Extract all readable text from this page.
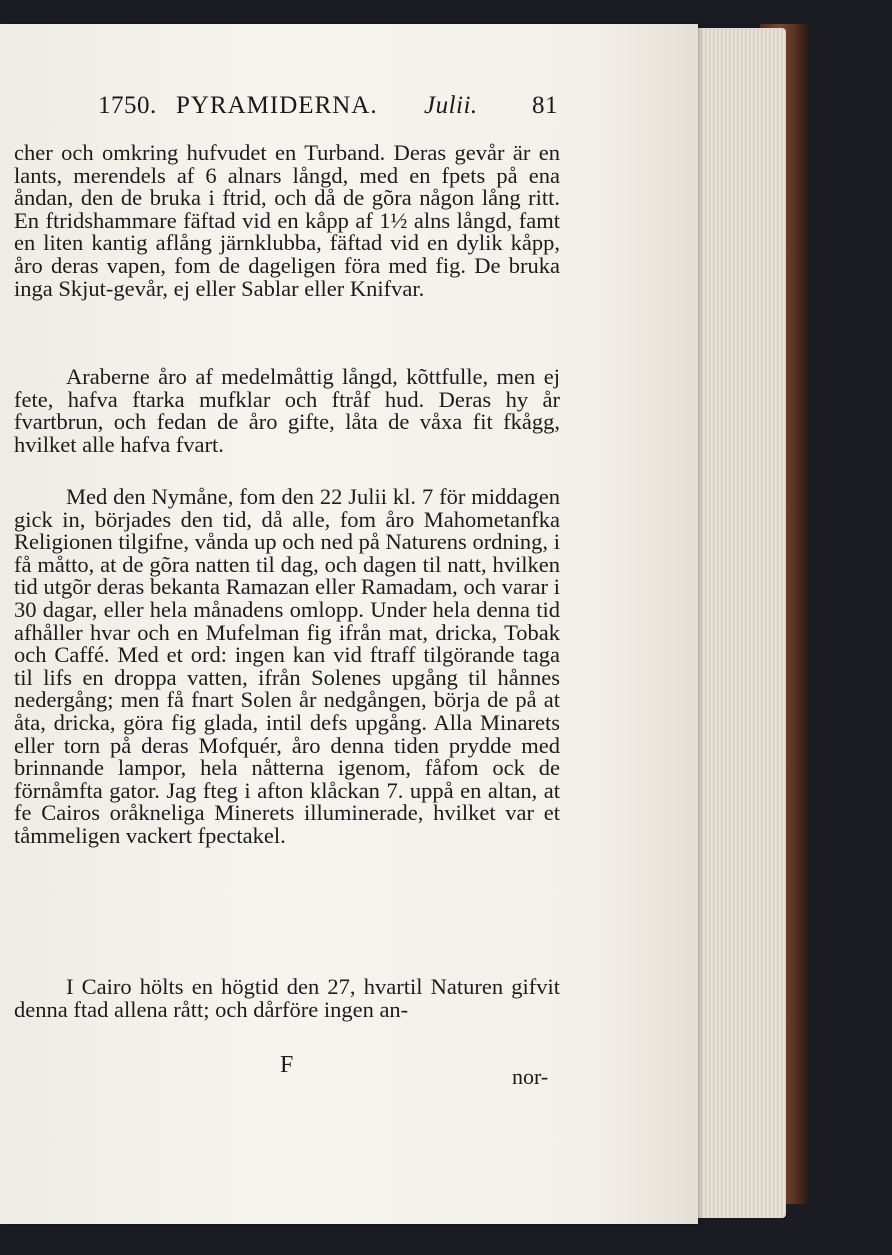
1750. PYRAMIDERNA. Julii. 81

cher och omkring hufvudet en Turband. Deras gevår är en lants, merendels af 6 alnars långd, med en fpets på ena åndan, den de bruka i ftrid, och då de gõra någon lång ritt. En ftridshammare fäftad vid en kåpp af 1½ alns långd, famt en liten kantig aflång järnklubba, fäftad vid en dylik kåpp, åro deras vapen, fom de dageligen föra med fig. De bruka inga Skjut-gevår, ej eller Sablar eller Knifvar.

Araberne åro af medelmåttig långd, kõttfulle, men ej fete, hafva ftarka mufklar och ftråf hud. Deras hy år fvartbrun, och fedan de åro gifte, låta de våxa fit fkågg, hvilket alle hafva fvart.

Med den Nymåne, fom den 22 Julii kl. 7 för middagen gick in, börjades den tid, då alle, fom åro Mahometanfka Religionen tilgifne, vånda up och ned på Naturens ordning, i få måtto, at de gõra natten til dag, och dagen til natt, hvilken tid utgõr deras bekanta Ramazan eller Ramadam, och varar i 30 dagar, eller hela månadens omlopp. Under hela denna tid afhåller hvar och en Mufelman fig ifrån mat, dricka, Tobak och Caffé. Med et ord: ingen kan vid ftraff tilgörande taga til lifs en droppa vatten, ifrån Solenes upgång til hånnes nedergång; men få fnart Solen år nedgången, börja de på at åta, dricka, göra fig glada, intil defs upgång. Alla Minarets eller torn på deras Mofquér, åro denna tiden prydde med brinnande lampor, hela nåtterna igenom, fåfom ock de förnåmfta gator. Jag fteg i afton klåckan 7. uppå en altan, at fe Cairos oråkneliga Minerets illuminerade, hvilket var et tåmmeligen vackert fpectakel.

I Cairo hölts en högtid den 27, hvartil Naturen gifvit denna ftad allena rått; och dårföre ingen an-

F	nor-
